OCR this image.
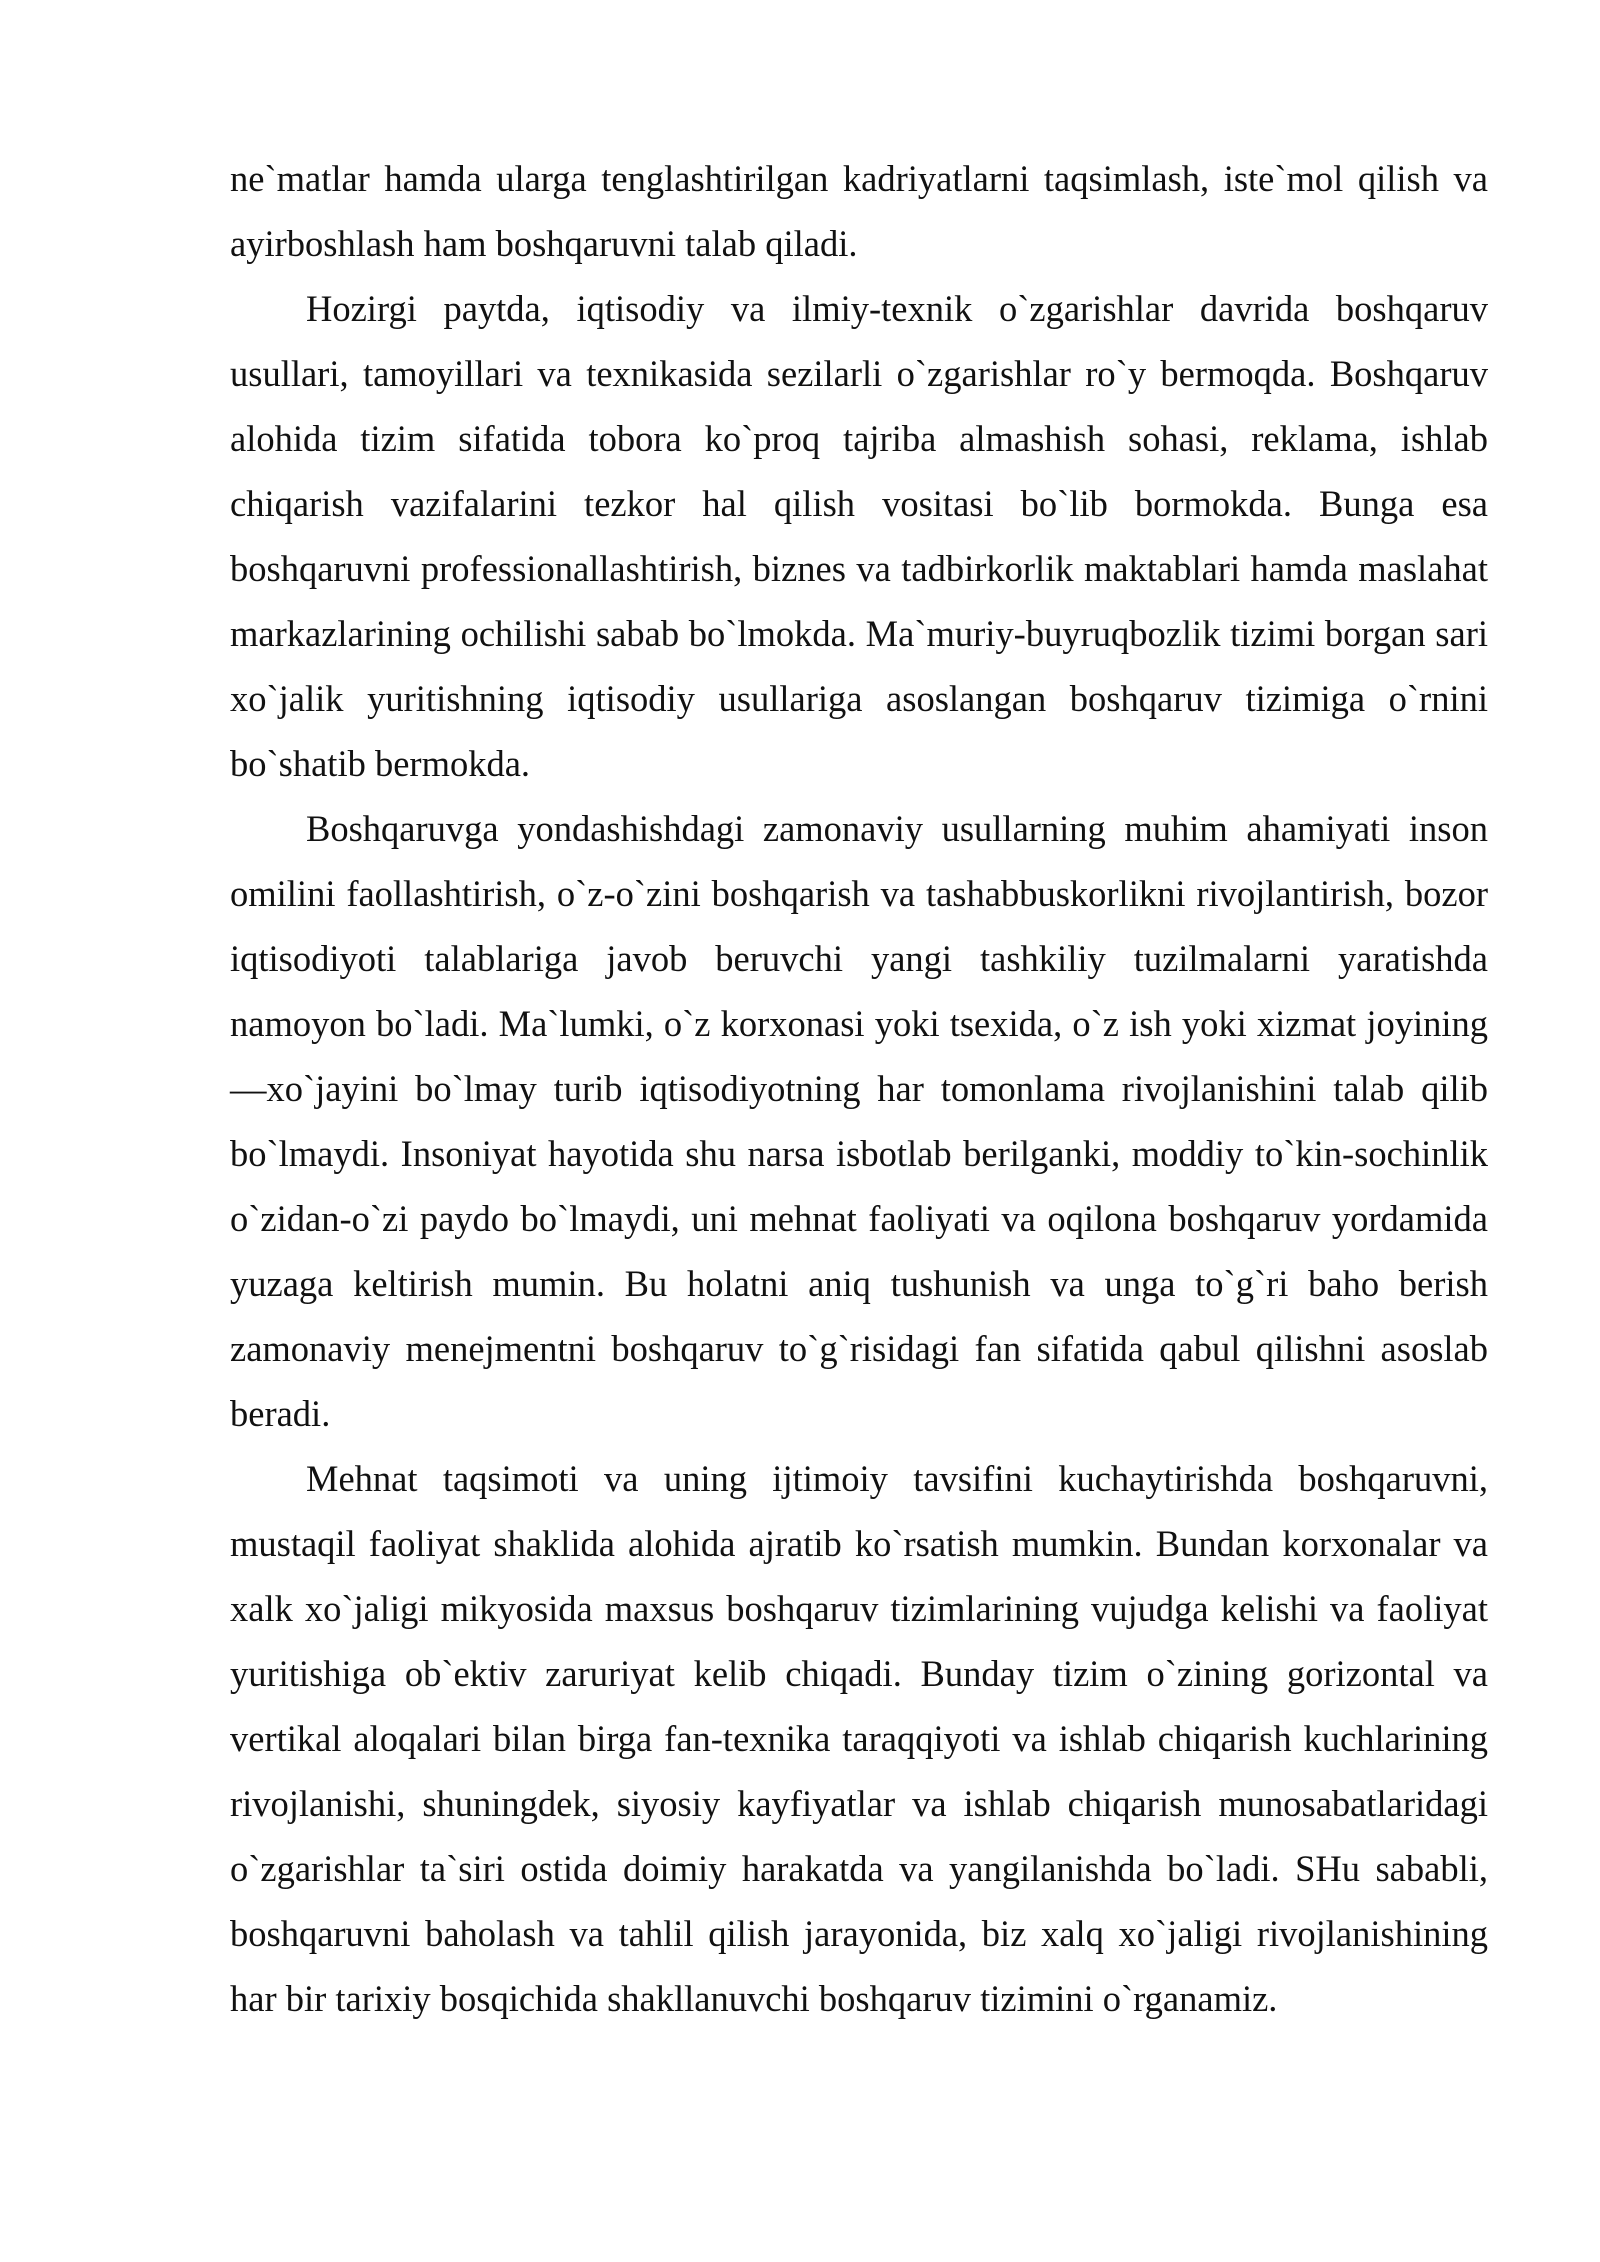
ne`matlar hamda ularga tenglashtirilgan kadriyatlarni taqsimlash, iste`mol qilish va ayirboshlash ham boshqaruvni talab qiladi.

Hozirgi paytda, iqtisodiy va ilmiy-texnik o`zgarishlar davrida boshqaruv usullari, tamoyillari va texnikasida sezilarli o`zgarishlar ro`y bermoqda. Boshqaruv alohida tizim sifatida tobora ko`proq tajriba almashish sohasi, reklama, ishlab chiqarish vazifalarini tezkor hal qilish vositasi bo`lib bormokda. Bunga esa boshqaruvni professionallashtirish, biznes va tadbirkorlik maktablari hamda maslahat markazlarining ochilishi sabab bo`lmokda. Ma`muriy-buyruqbozlik tizimi borgan sari xo`jalik yuritishning iqtisodiy usullariga asoslangan boshqaruv tizimiga o`rnini bo`shatib bermokda.

Boshqaruvga yondashishdagi zamonaviy usullarning muhim ahamiyati inson omilini faollashtirish, o`z-o`zini boshqarish va tashabbuskorlikni rivojlantirish, bozor iqtisodiyoti talablariga javob beruvchi yangi tashkiliy tuzilmalarni yaratishda namoyon bo`ladi. Ma`lumki, o`z korxonasi yoki tsexida, o`z ish yoki xizmat joyining —xo`jayini bo`lmay turib iqtisodiyotning har tomonlama rivojlanishini talab qilib bo`lmaydi. Insoniyat hayotida shu narsa isbotlab berilganki, moddiy to`kin-sochinlik o`zidan-o`zi paydo bo`lmaydi, uni mehnat faoliyati va oqilona boshqaruv yordamida yuzaga keltirish mumin. Bu holatni aniq tushunish va unga to`g`ri baho berish zamonaviy menejmentni boshqaruv to`g`risidagi fan sifatida qabul qilishni asoslab beradi.

Mehnat taqsimoti va uning ijtimoiy tavsifini kuchaytirishda boshqaruvni, mustaqil faoliyat shaklida alohida ajratib ko`rsatish mumkin. Bundan korxonalar va xalk xo`jaligi mikyosida maxsus boshqaruv tizimlarining vujudga kelishi va faoliyat yuritishiga ob`ektiv zaruriyat kelib chiqadi. Bunday tizim o`zining gorizontal va vertikal aloqalari bilan birga fan-texnika taraqqiyoti va ishlab chiqarish kuchlarining rivojlanishi, shuningdek, siyosiy kayfiyatlar va ishlab chiqarish munosabatlaridagi o`zgarishlar ta`siri ostida doimiy harakatda va yangilanishda bo`ladi. SHu sababli, boshqaruvni baholash va tahlil qilish jarayonida, biz xalq xo`jaligi rivojlanishining har bir tarixiy bosqichida shakllanuvchi boshqaruv tizimini o`rganamiz.
